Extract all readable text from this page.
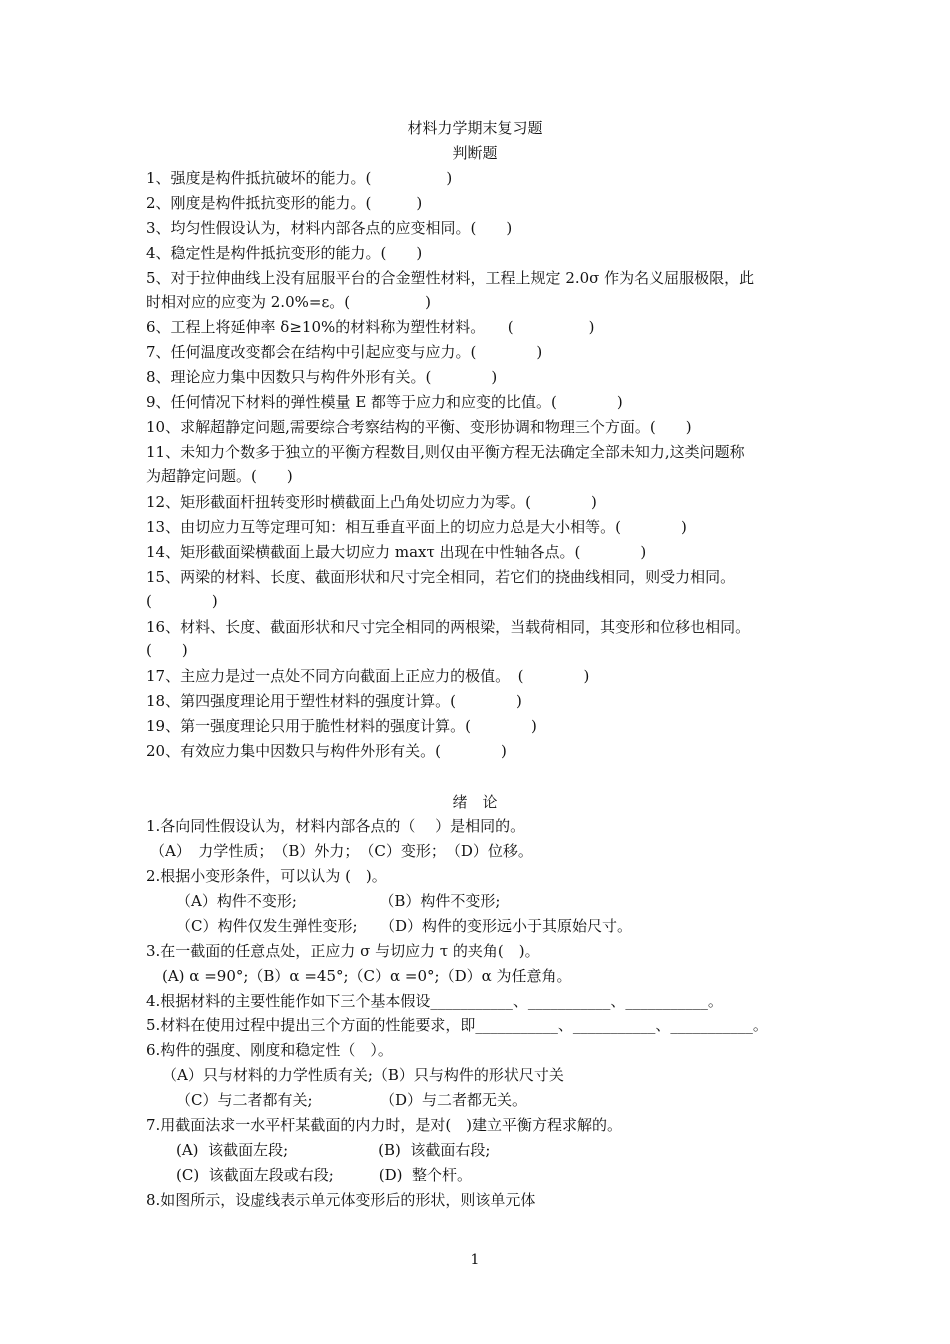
材料力学期末复习题
判断题
1、强度是构件抵抗破坏的能力。(　　　　　)
2、刚度是构件抵抗变形的能力。(　　　)
3、均匀性假设认为，材料内部各点的应变相同。(　　)
4、稳定性是构件抵抗变形的能力。(　　)
5、对于拉伸曲线上没有屈服平台的合金塑性材料，工程上规定 2.0σ 作为名义屈服极限，此
时相对应的应变为 2.0%=ε。(　　　　　)
6、工程上将延伸率 δ≥10%的材料称为塑性材料。　　(　　　　　)
7、任何温度改变都会在结构中引起应变与应力。(　　　　)
8、理论应力集中因数只与构件外形有关。(　　　　)
9、任何情况下材料的弹性模量 E 都等于应力和应变的比值。(　　　　)
10、求解超静定问题,需要综合考察结构的平衡、变形协调和物理三个方面。(　　)
11、未知力个数多于独立的平衡方程数目,则仅由平衡方程无法确定全部未知力,这类问题称
为超静定问题。(　　)
12、矩形截面杆扭转变形时横截面上凸角处切应力为零。(　　　　)
13、由切应力互等定理可知：相互垂直平面上的切应力总是大小相等。(　　　　)
14、矩形截面梁横截面上最大切应力 maxτ 出现在中性轴各点。(　　　　)
15、两梁的材料、长度、截面形状和尺寸完全相同，若它们的挠曲线相同，则受力相同。
(　　　　)
16、材料、长度、截面形状和尺寸完全相同的两根梁，当载荷相同，其变形和位移也相同。
(　　)
17、主应力是过一点处不同方向截面上正应力的极值。　(　　　　)
18、第四强度理论用于塑性材料的强度计算。(　　　　)
19、第一强度理论只用于脆性材料的强度计算。(　　　　)
20、有效应力集中因数只与构件外形有关。(　　　　)
绪　论
1.各向同性假设认为，材料内部各点的（　 ）是相同的。
（A）　力学性质；　（B）外力；　（C）变形；　（D）位移。
2.根据小变形条件，可以认为 (　)。
（A）构件不变形;　　　　　　（B）构件不变形;
（C）构件仅发生弹性变形;　　（D）构件的变形远小于其原始尺寸。
3.在一截面的任意点处，正应力 σ 与切应力 τ 的夹角(　)。
(A) α =90°;（B）α =45°;（C）α =0°;（D）α 为任意角。
4.根据材料的主要性能作如下三个基本假设___________、___________、___________。
5.材料在使用过程中提出三个方面的性能要求，即___________、___________、___________。
6.构件的强度、刚度和稳定性（　）。
（A）只与材料的力学性质有关;（B）只与构件的形状尺寸关
（C）与二者都有关;　　　　　（D）与二者都无关。
7.用截面法求一水平杆某截面的内力时，是对(　)建立平衡方程求解的。
(A)  该截面左段;　　　　　　(B)  该截面右段;
(C)  该截面左段或右段;　　　(D)  整个杆。
8.如图所示，设虚线表示单元体变形后的形状，则该单元体
1
